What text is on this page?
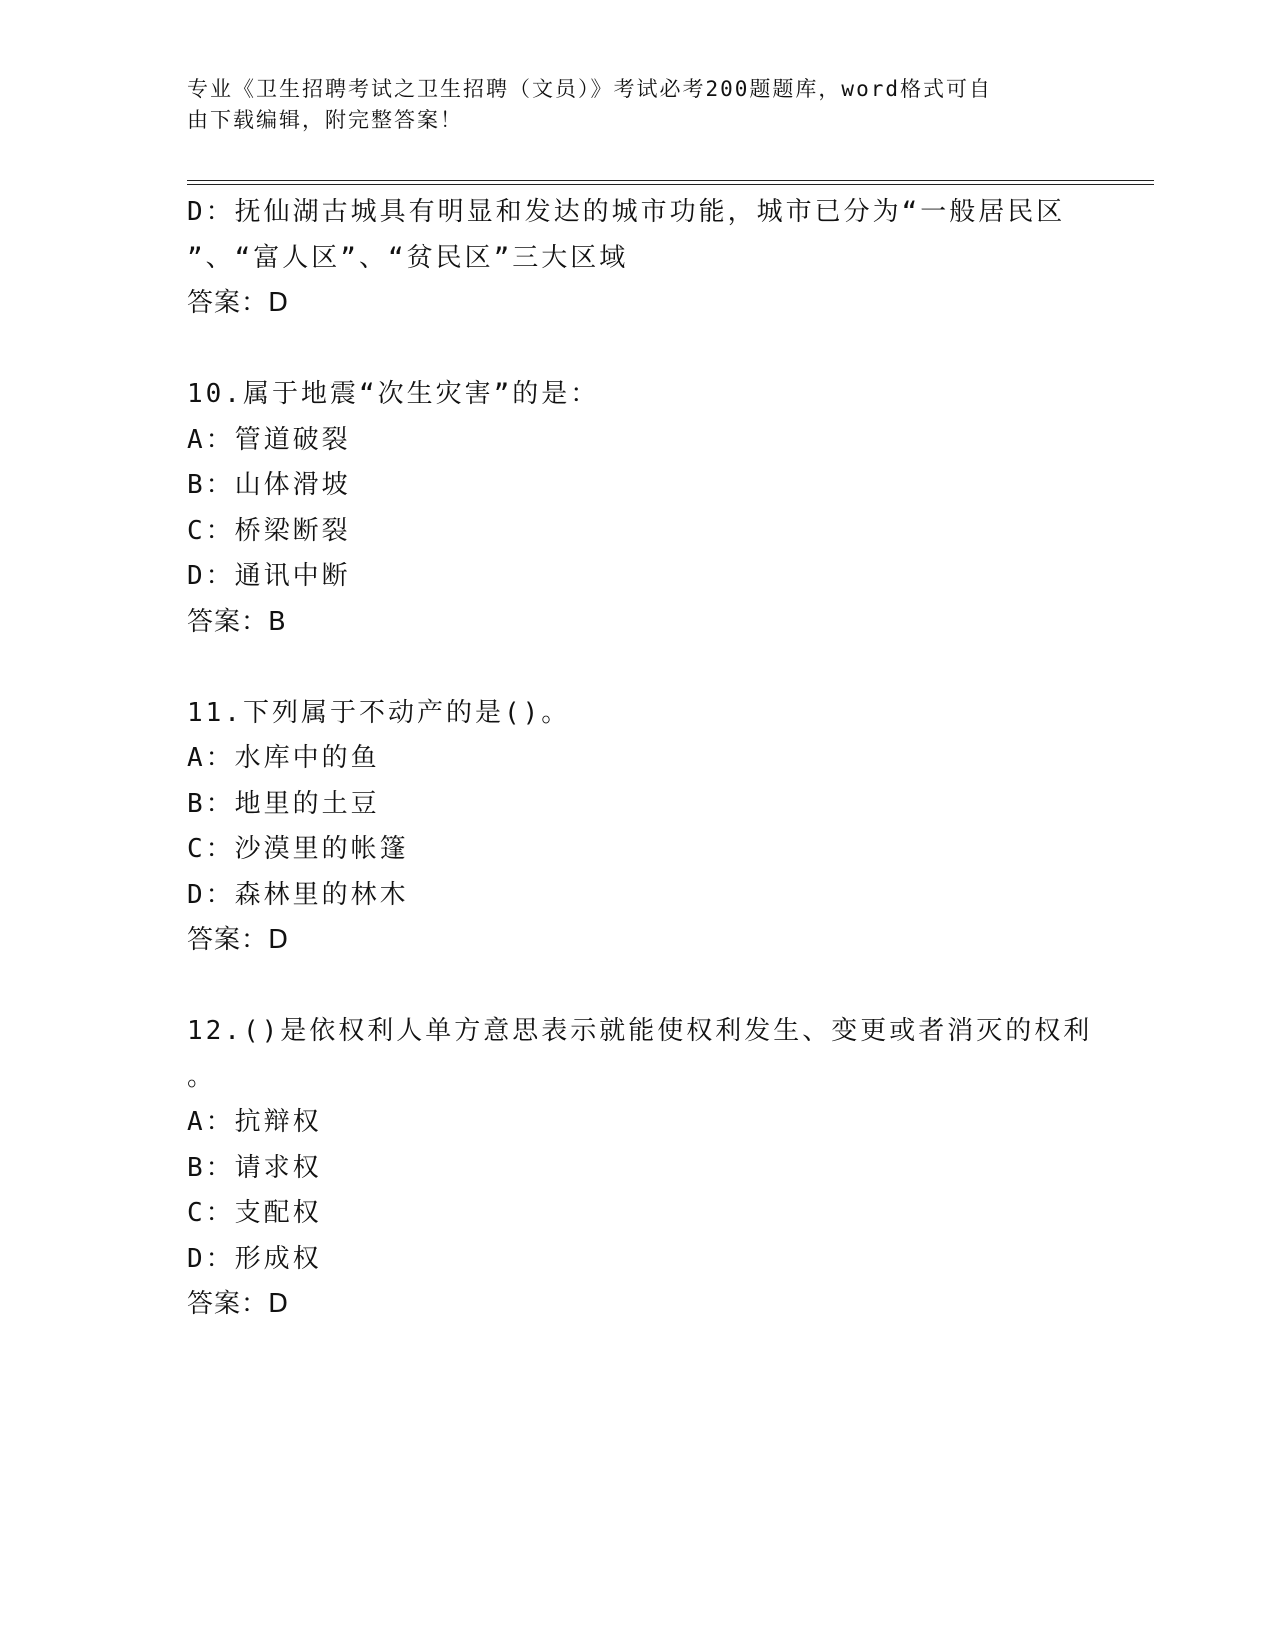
专业《卫生招聘考试之卫生招聘（文员）》考试必考200题题库，word格式可自
由下载编辑，附完整答案！
D：抚仙湖古城具有明显和发达的城市功能，城市已分为“一般居民区
”、“富人区”、“贫民区”三大区域
答案：D
10.属于地震“次生灾害”的是：
A：管道破裂
B：山体滑坡
C：桥梁断裂
D：通讯中断
答案：B
11.下列属于不动产的是()。
A：水库中的鱼
B：地里的土豆
C：沙漠里的帐篷
D：森林里的林木
答案：D
12.()是依权利人单方意思表示就能使权利发生、变更或者消灭的权利
。
A：抗辩权
B：请求权
C：支配权
D：形成权
答案：D
